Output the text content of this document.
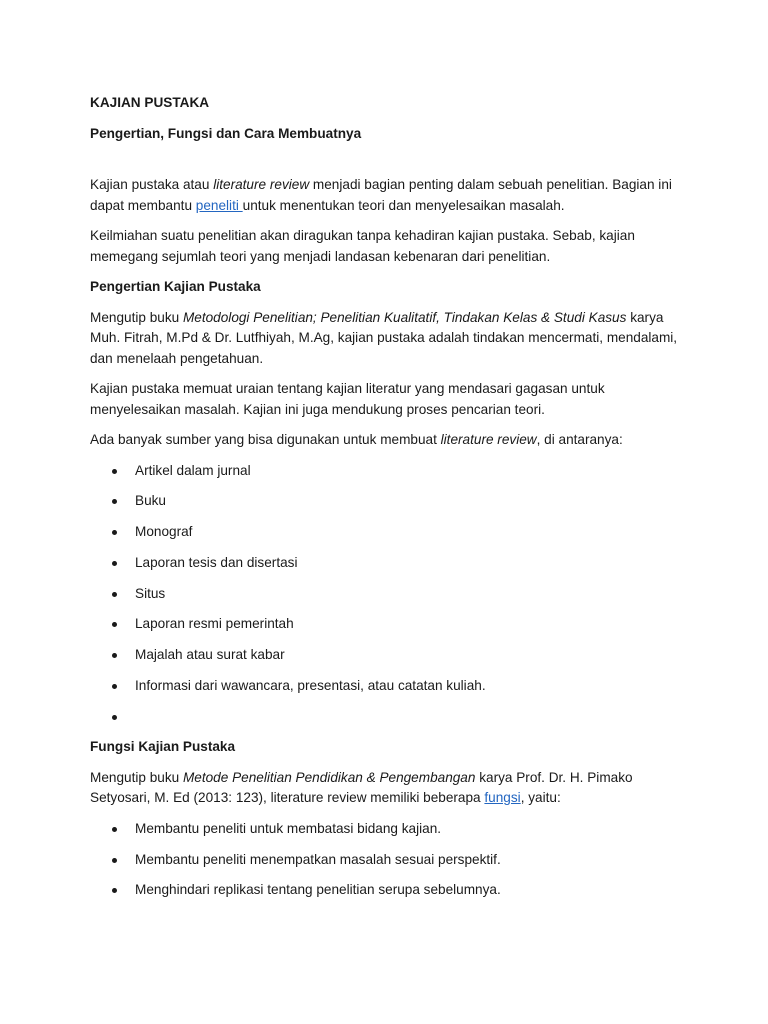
KAJIAN PUSTAKA

Pengertian, Fungsi dan Cara Membuatnya

Kajian pustaka atau literature review menjadi bagian penting dalam sebuah penelitian. Bagian ini dapat membantu peneliti untuk menentukan teori dan menyelesaikan masalah.

Keilmiahan suatu penelitian akan diragukan tanpa kehadiran kajian pustaka. Sebab, kajian memegang sejumlah teori yang menjadi landasan kebenaran dari penelitian.

Pengertian Kajian Pustaka

Mengutip buku Metodologi Penelitian; Penelitian Kualitatif, Tindakan Kelas & Studi Kasus karya Muh. Fitrah, M.Pd & Dr. Lutfhiyah, M.Ag, kajian pustaka adalah tindakan mencermati, mendalami, dan menelaah pengetahuan.

Kajian pustaka memuat uraian tentang kajian literatur yang mendasari gagasan untuk menyelesaikan masalah. Kajian ini juga mendukung proses pencarian teori.

Ada banyak sumber yang bisa digunakan untuk membuat literature review, di antaranya:

Artikel dalam jurnal
Buku
Monograf
Laporan tesis dan disertasi
Situs
Laporan resmi pemerintah
Majalah atau surat kabar
Informasi dari wawancara, presentasi, atau catatan kuliah.

Fungsi Kajian Pustaka

Mengutip buku Metode Penelitian Pendidikan & Pengembangan karya Prof. Dr. H. Pimako Setyosari, M. Ed (2013: 123), literature review memiliki beberapa fungsi, yaitu:

Membantu peneliti untuk membatasi bidang kajian.
Membantu peneliti menempatkan masalah sesuai perspektif.
Menghindari replikasi tentang penelitian serupa sebelumnya.
